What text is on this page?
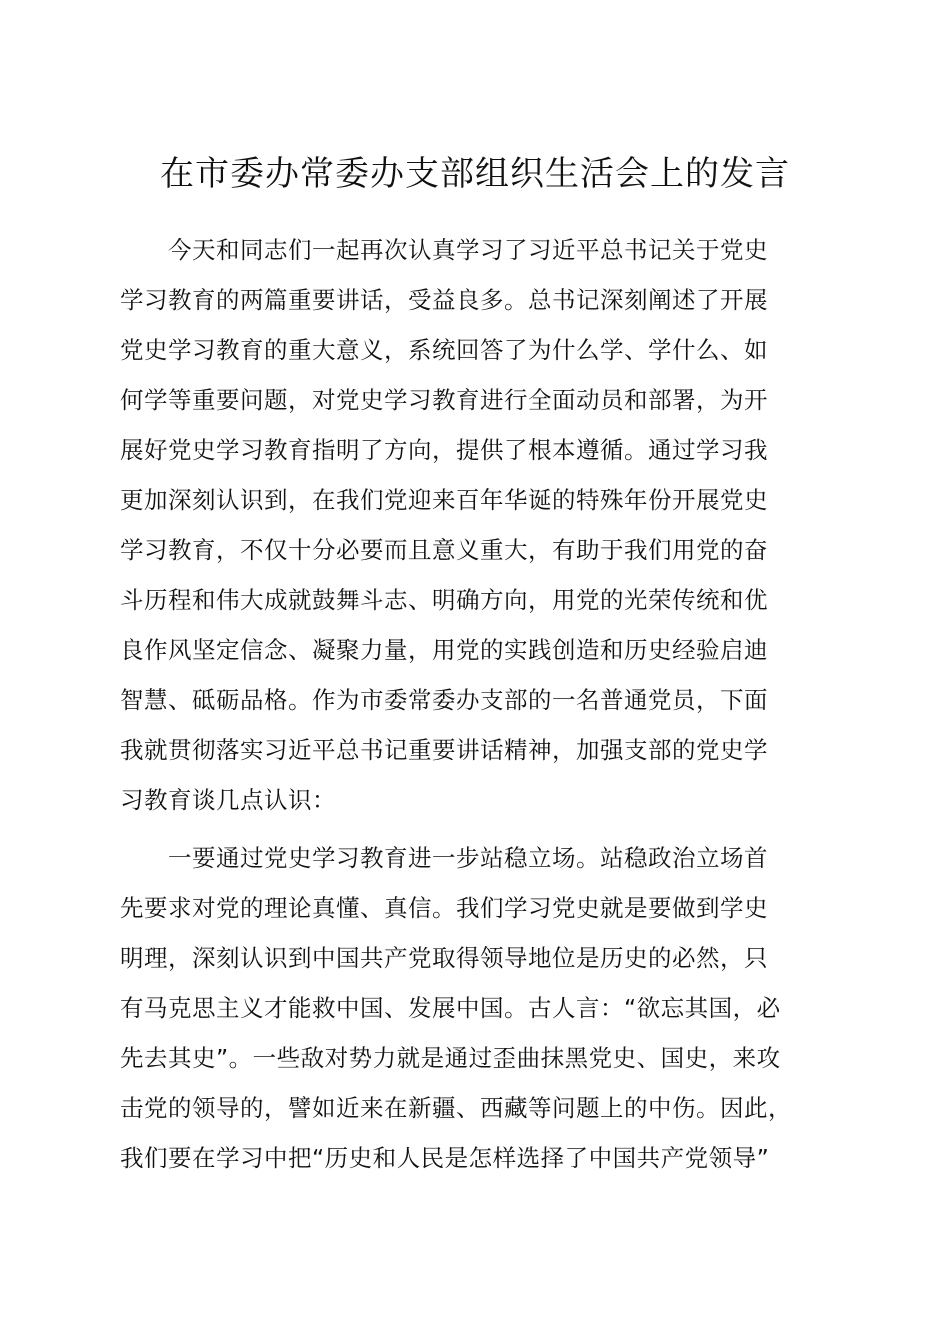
在市委办常委办支部组织生活会上的发言
今天和同志们一起再次认真学习了习近平总书记关于党史
学习教育的两篇重要讲话，受益良多。总书记深刻阐述了开展
党史学习教育的重大意义，系统回答了为什么学、学什么、如
何学等重要问题，对党史学习教育进行全面动员和部署，为开
展好党史学习教育指明了方向，提供了根本遵循。通过学习我
更加深刻认识到，在我们党迎来百年华诞的特殊年份开展党史
学习教育，不仅十分必要而且意义重大，有助于我们用党的奋
斗历程和伟大成就鼓舞斗志、明确方向，用党的光荣传统和优
良作风坚定信念、凝聚力量，用党的实践创造和历史经验启迪
智慧、砥砺品格。作为市委常委办支部的一名普通党员，下面
我就贯彻落实习近平总书记重要讲话精神，加强支部的党史学
习教育谈几点认识：
一要通过党史学习教育进一步站稳立场。站稳政治立场首
先要求对党的理论真懂、真信。我们学习党史就是要做到学史
明理，深刻认识到中国共产党取得领导地位是历史的必然，只
有马克思主义才能救中国、发展中国。古人言：“欲忘其国，必
先去其史”。一些敌对势力就是通过歪曲抹黑党史、国史，来攻
击党的领导的，譬如近来在新疆、西藏等问题上的中伤。因此，
我们要在学习中把“历史和人民是怎样选择了中国共产党领导”
